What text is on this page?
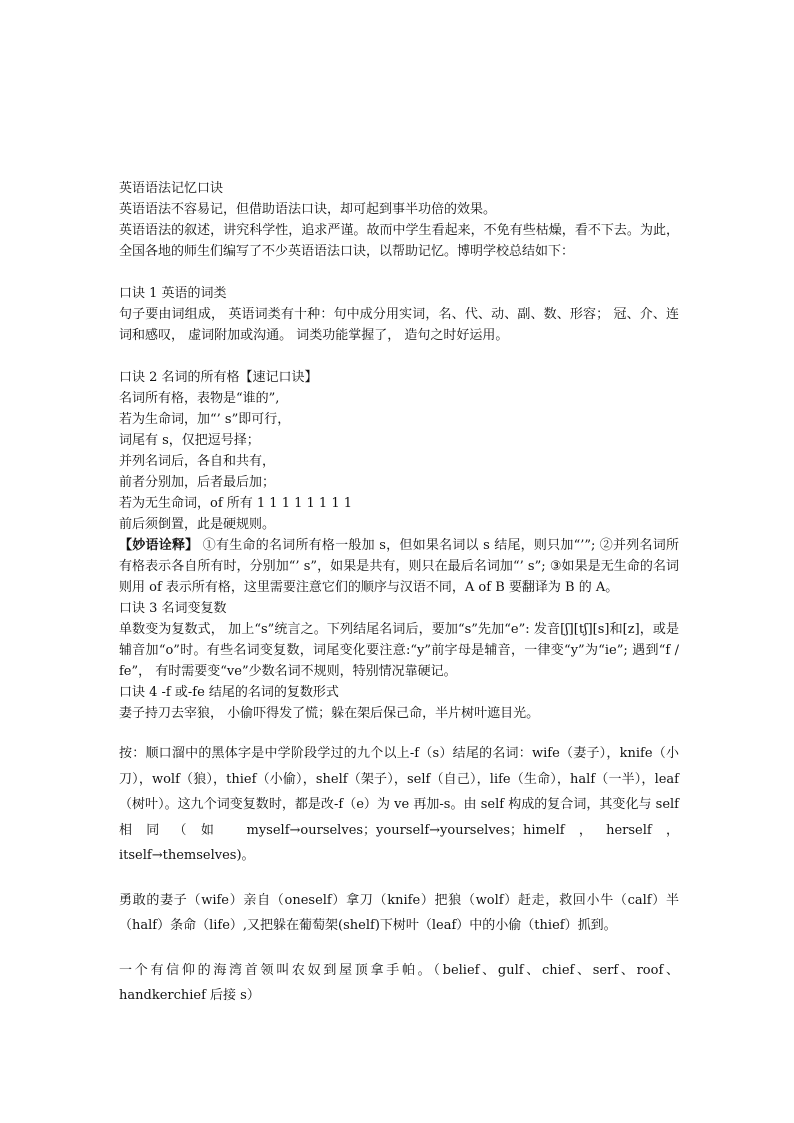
英语语法记忆口诀

英语语法不容易记，但借助语法口诀，却可起到事半功倍的效果。

英语语法的叙述，讲究科学性，追求严谨。故而中学生看起来，不免有些枯燥，看不下去。为此，全国各地的师生们编写了不少英语语法口诀，以帮助记忆。博明学校总结如下：

口诀 1 英语的词类

句子要由词组成， 英语词类有十种：句中成分用实词，名、代、动、副、数、形容； 冠、介、连词和感叹， 虚词附加或沟通。 词类功能掌握了， 造句之时好运用。

口诀 2 名词的所有格【速记口诀】

名词所有格，表物是“谁的”,

若为生命词，加“’ s”即可行，

词尾有 s，仅把逗号择；

并列名词后，各自和共有，

前者分别加，后者最后加；

若为无生命词，of 所有 1 1 1 1 1 1 1 1

前后须倒置，此是硬规则。

【妙语诠释】 ①有生命的名词所有格一般加 s，但如果名词以 s 结尾，则只加“’”; ②并列名词所有格表示各自所有时，分别加“’ s”，如果是共有，则只在最后名词加“’ s”; ③如果是无生命的名词则用 of 表示所有格，这里需要注意它们的顺序与汉语不同，A of B 要翻译为 B 的 A。

口诀 3 名词变复数

单数变为复数式， 加上“s”统言之。下列结尾名词后，要加“s”先加“e”: 发音[ʃ][tʃ][s]和[z]，或是辅音加“o”时。有些名词变复数，词尾变化要注意:“y”前字母是辅音，一律变“y”为“ie”; 遇到“f / fe”， 有时需要变“ve”少数名词不规则，特别情况靠硬记。

口诀 4 -f 或-fe 结尾的名词的复数形式

妻子持刀去宰狼， 小偷吓得发了慌；躲在架后保己命，半片树叶遮目光。

按：顺口溜中的黑体字是中学阶段学过的九个以上-f（s）结尾的名词：wife（妻子），knife（小刀），wolf（狼），thief（小偷），shelf（架子），self（自己），life（生命），half（一半），leaf（树叶）。这九个词变复数时，都是改-f（e）为 ve 再加-s。由 self 构成的复合词，其变化与 self 相同（如 myself→ourselves；yourself→yourselves；himelf，herself，itself→themselves)。

勇敢的妻子（wife）亲自（oneself）拿刀（knife）把狼（wolf）赶走，救回小牛（calf）半（half）条命（life）,又把躲在葡萄架(shelf)下树叶（leaf）中的小偷（thief）抓到。

一个有信仰的海湾首领叫农奴到屋顶拿手帕。（belief、gulf、chief、serf、roof、handkerchief 后接 s）
